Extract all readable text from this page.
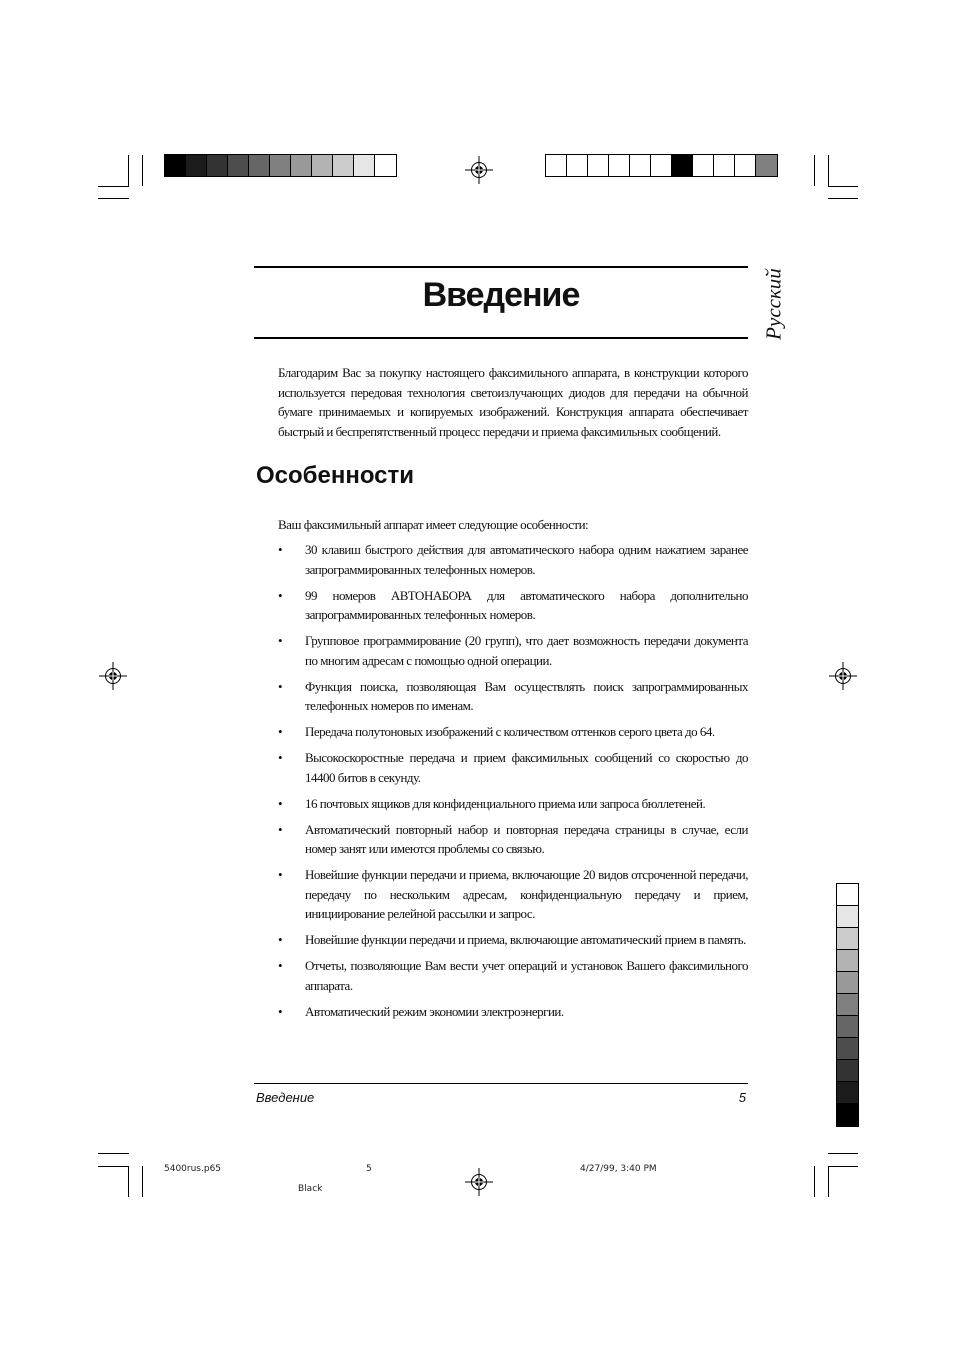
Введение	Русский

Благодарим Вас за покупку настоящего факсимильного аппарата, в конструкции которого используется передовая технология светоизлучающих диодов для передачи на обычной бумаге принимаемых и копируемых изображений. Конструкция аппарата обеспечивает быстрый и беспрепятственный процесс передачи и приема факсимильных сообщений.

Особенности

Ваш факсимильный аппарат имеет следующие особенности:

• 30 клавиш быстрого действия для автоматического набора одним нажатием заранее запрограммированных телефонных номеров.
• 99 номеров АВТОНАБОРА для автоматического набора дополнительно запрограммированных телефонных номеров.
• Групповое программирование (20 групп), что дает возможность передачи документа по многим адресам с помощью одной операции.
• Функция поиска, позволяющая Вам осуществлять поиск запрограммированных телефонных номеров по именам.
• Передача полутоновых изображений с количеством оттенков серого цвета до 64.
• Высокоскоростные передача и прием факсимильных сообщений со скоростью до 14400 битов в секунду.
• 16 почтовых ящиков для конфиденциального приема или запроса бюллетеней.
• Автоматический повторный набор и повторная передача страницы в случае, если номер занят или имеются проблемы со связью.
• Новейшие функции передачи и приема, включающие 20 видов отсроченной передачи, передачу по нескольким адресам, конфиденциальную передачу и прием, инициирование релейной рассылки и запрос.
• Новейшие функции передачи и приема, включающие автоматический прием в память.
• Отчеты, позволяющие Вам вести учет операций и установок Вашего факсимильного аппарата.
• Автоматический режим экономии электроэнергии.
Введение	5
5400rus.p65	5	4/27/99, 3:40 PM
Black
